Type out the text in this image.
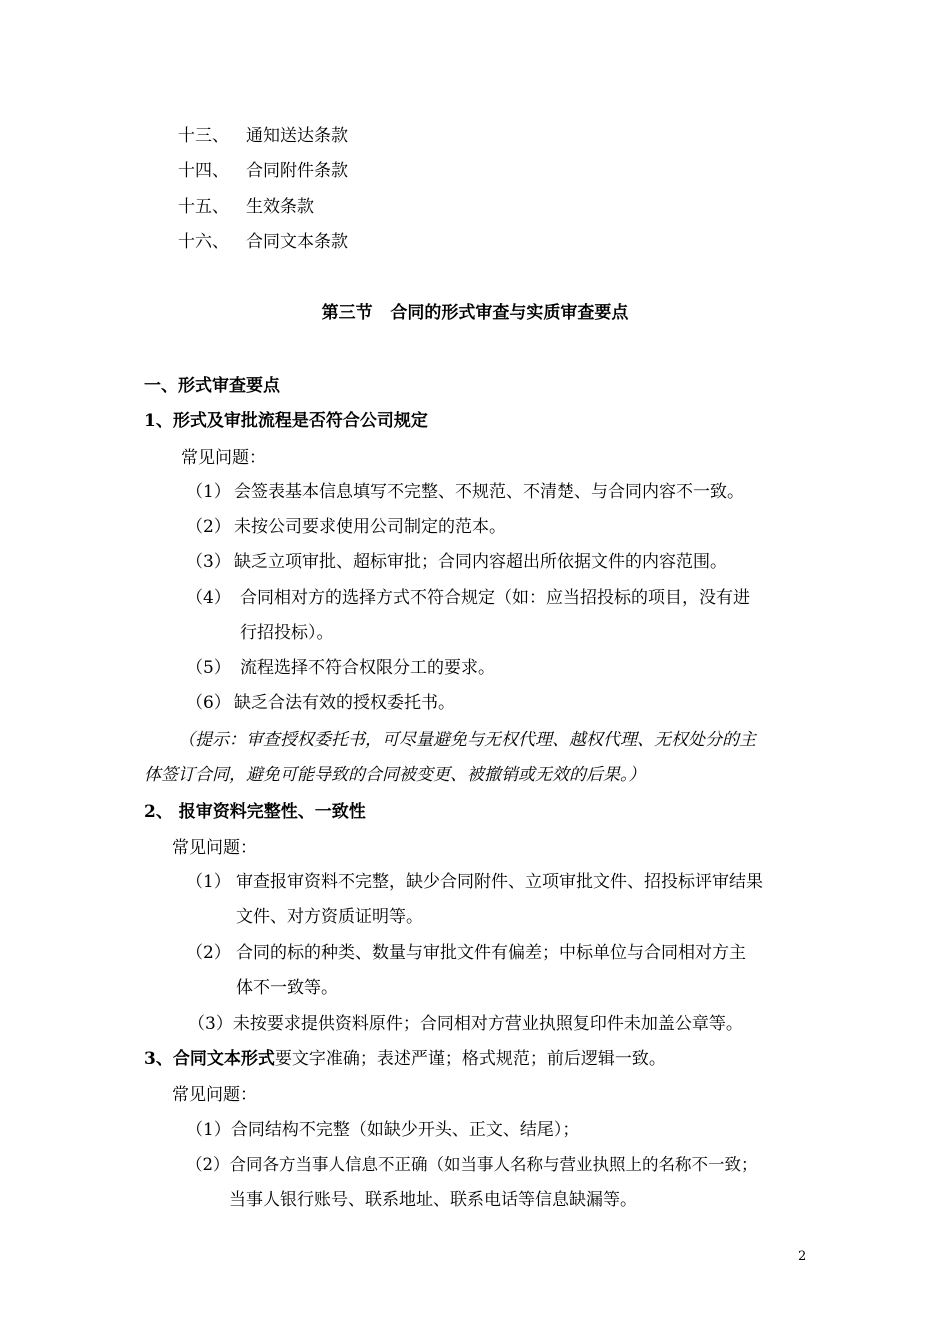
十三、 通知送达条款
十四、 合同附件条款
十五、 生效条款
十六、 合同文本条款
第三节   合同的形式审查与实质审查要点
一、形式审查要点
1、形式及审批流程是否符合公司规定
常见问题：
（1） 会签表基本信息填写不完整、不规范、不清楚、与合同内容不一致。
（2） 未按公司要求使用公司制定的范本。
（3） 缺乏立项审批、超标审批；合同内容超出所依据文件的内容范围。
（4） 合同相对方的选择方式不符合规定（如：应当招投标的项目，没有进
行招投标）。
（5） 流程选择不符合权限分工的要求。
（6） 缺乏合法有效的授权委托书。
（提示：审查授权委托书，可尽量避免与无权代理、越权代理、无权处分的主
体签订合同，避免可能导致的合同被变更、被撤销或无效的后果。）
2、 报审资料完整性、一致性
常见问题：
（1） 审查报审资料不完整，缺少合同附件、立项审批文件、招投标评审结果
文件、对方资质证明等。
（2） 合同的标的种类、数量与审批文件有偏差；中标单位与合同相对方主
体不一致等。
（3）未按要求提供资料原件；合同相对方营业执照复印件未加盖公章等。
3、合同文本形式要文字准确；表述严谨；格式规范；前后逻辑一致。
常见问题：
（1）合同结构不完整（如缺少开头、正文、结尾）；
（2）合同各方当事人信息不正确（如当事人名称与营业执照上的名称不一致；
当事人银行账号、联系地址、联系电话等信息缺漏等。
2
